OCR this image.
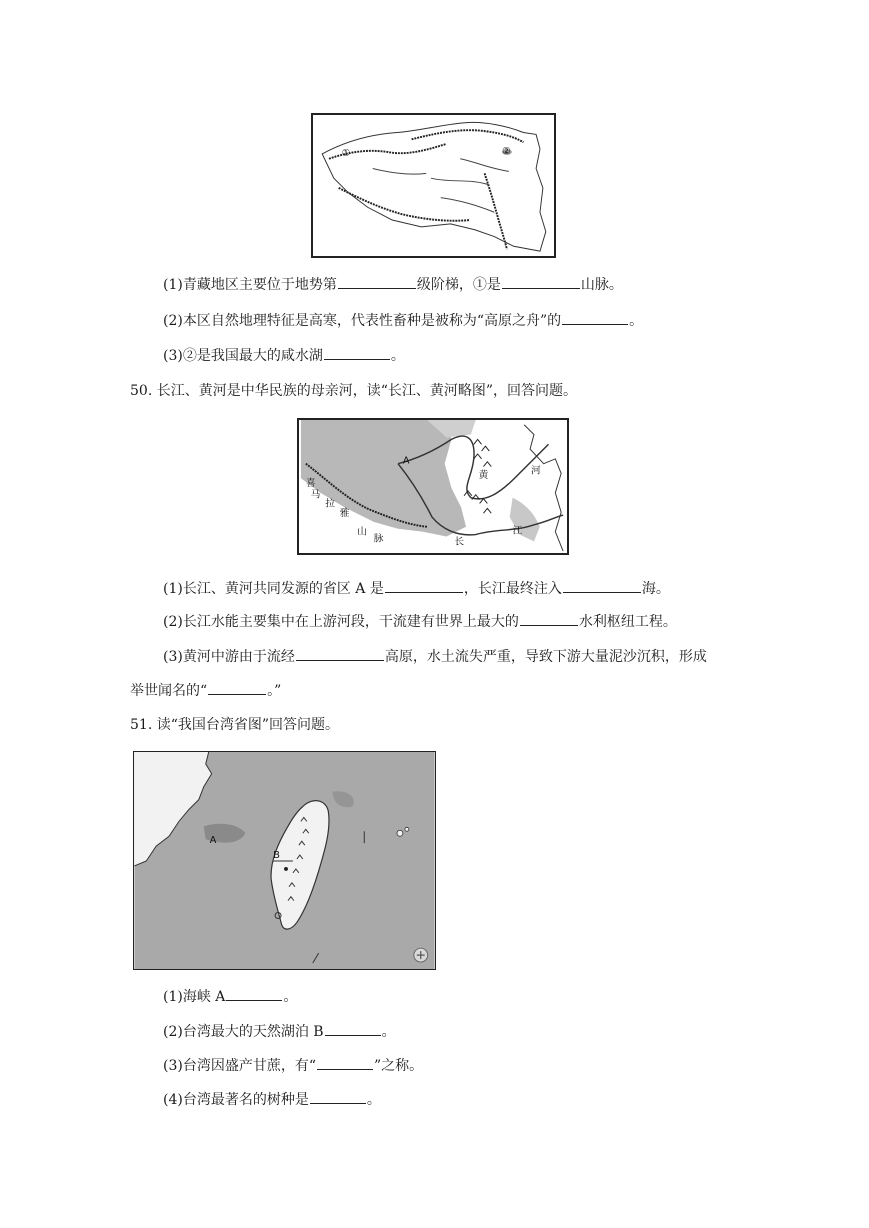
①	②
(1)青藏地区主要位于地势第	级阶梯，①是	山脉。
(2)本区自然地理特征是高寒，代表性畜种是被称为“高原之舟”的	。
(3)②是我国最大的咸水湖	。
50. 长江、黄河是中华民族的母亲河，读“长江、黄河略图”，回答问题。
A
喜
马
拉
雅
山
脉
黄	河
长
江
(1)长江、黄河共同发源的省区 A 是	，长江最终注入	海。
(2)长江水能主要集中在上游河段，干流建有世界上最大的	水利枢纽工程。
(3)黄河中游由于流经	高原，水土流失严重，导致下游大量泥沙沉积，形成
举世闻名的“	。”
51. 读“我国台湾省图”回答问题。
A
B
(1)海峡 A	。
(2)台湾最大的天然湖泊 B	。
(3)台湾因盛产甘蔗，有“	”之称。
(4)台湾最著名的树种是	。
